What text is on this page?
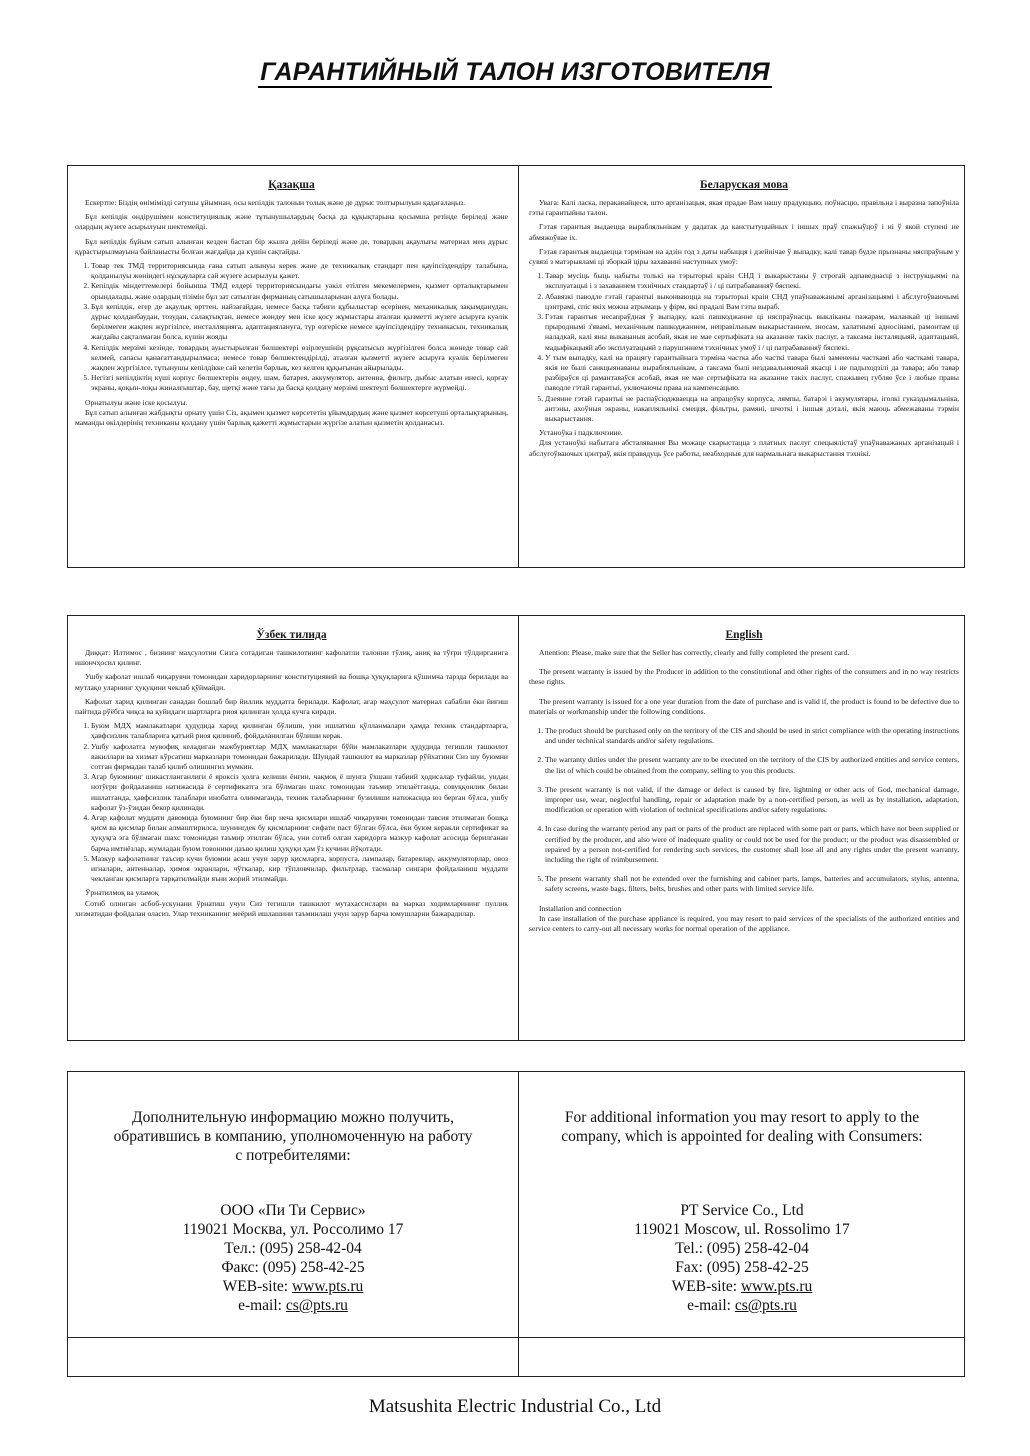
ГАРАНТИЙНЫЙ ТАЛОН ИЗГОТОВИТЕЛЯ
Қазақша

Ескертпе: Біздің өнімімізді сатушы ұйымнан, осы кепілдік талонын толық және де дұрыс толтырылуын қадағалаңыз.

Бұл кепілдік өндірушімен конституциялық және тұтынушылардың басқа да құқықтарына қосымша ретінде беріледі және олардың жүзеге асырылуын шектемейді.

Бұл кепілдік бұйым сатып алынған кезден бастап бір жылға дейін беріледі және де, товардың ақаулығы материал мен дұрыс құрастырылмауына байланысты болған жағдайда да күшін сақтайды.

1. Товар тек ТМД территориясында ғана сатып алынуы керек және де техникалық стандарт пен қауіпсіздендіру талабына, қолданылуы жөніндегі нұсқауларға сай жүзеге асырылуы қажет.
2. Кепілдік міндеттемелері бойынша ТМД елдері территориясындағы уәкіл етілген мекемелермен, қызмет орталықтарымен орындалады, және олардың тізімін бұл зат сатылған фирманың сатышыларынан алуға болады.
3. Бұл кепілдік, егер де ақаулық өрттен, найзағайдан, немесе басқа табиғи құбылыстар өсерінен, механикалық зақымданудан, дұрыс қолданбаудан, тозудан, салақтықтан, немесе жөндеу мен іске қосу жұмыстары аталған қызметті жүзеге асыруға куәлік берілмеген жақпен жүргізілсе, инсталляцияға, адаптациялануға, түр өзгеріске немесе қауіпсіздендіру техникасын, техникалық жағдайы сақталмаған болса, күшін жояды
4. Кепілдік мерзімі кезінде, товардың ауыстырылған бөлшектері өзірлеушінің рұқсатысыз жүргізілген болса жөнеде товар сай келмей, сапасы қанағаттандырылмаса; немесе товар бөлшектендірілді, аталған қызметті жүзеге асыруға куәлік берілмеген жақпен жүргізілсе, тұтынушы кепілдікке сай келетін барлық, кез келген құқығынан айырылады.
5. Негізгі кепілдіктің күші корпус бөлшектерін өңдеу, шам, батарея, аккумулятор, антенна, фильтр, дыбыс алатын инесі, қорғау экраны, қоқын-лоқы жиналғыштар, бау, щетқі және тағы да басқа қолдану мерзімі шектеулі бөлшектерге жүрмейді.

Орнатылуы және іске қосылуы.

Бұл сатып алынған жабдықты орнату үшін Сіз, ақымен қызмет көрсететін ұйымдардың және қызмет көрсетуші орталықтарының, маманды өкілдерінің техниканы қолдану үшін барлық қажетті жұмыстарын жүргізе алатын қызметін қолданасыз.

Беларуская мова

Увага: Калі ласка, пераканайцеся, што арганізацыя, якая прадае Вам нашу прадукцыю, поўнасцю, правільна і выразна запоўніла гэты гарантыйны талон.

Гэтая гарантыя выдаецца вырабляльнікам у дадатак да канстытуцыйных і іншых праў спажыўцоў і ні ў якой ступені не абмяжоўвае іх.

Гэтая гарантыя выдаецца тэрмінам на адзін год з даты набыцця і дзейнічае ў выпадку, калі тавар будзе прызнаны няспраўным у сувязі з матэрыяламі ці зборкай ціры захаванні наступных умоў:

1. Тавар мусіць быць набыты толькі на тэрыторыі краін СНД і выкарыстаны ў строгай адпаведнасці з інструкцыямі па эксплуатацыі і з захаваннем тэхнічных стандартаў і / ці патрабаванняў бяспекі.
2. Абавязкі паводле гэтай гарантыі выконваюцца на тэрыторыі краін СНД упаўнаважанымі арганізацыямі і абслугоўваючымі цэнтрамі, спіс якіх можна атрымаць у фірм, які прадалі Вам гэты выраб.
3. Гэтая гарантыя несапраўдная ў выпадку, калі пашкоджанне ці няспраўнасць выкліканы пажарам, маланкай ці іншымі прыроднымі з'явамі, механічным пашкоджаннем, неправільным выкарыстаннем, зносам, халатнымі адносінамі, рамонтам ці наладкай, калі яны выкананыя асобай, якая не мае сертыфіката на аказанне такіх паслуг, а таксама інсталяцыяй, адаптацыяй, мадыфікацыяй або эксплуатацыяй з парушэннем тэхнічных умоў і / ці патрабаванняў бяспекі.
4. У тым выпадку, калі на працягу гарантыйнага тэрміна частка або часткі тавара былі заменены часткамі або часткамі тавара, якія не былі санкцыянаваны вырабляльнікам, а таксама былі нездавальняючай якасці і не падыходзілі да тавара; або тавар разбіраўся ці рамантаваўся асобай, якая не мае сертыфіката на аказанне такіх паслуг, спажывец губляе ўсе і любые правы паводле гэтай гарантыі, уключаючы права на кампенсацыю.
5. Дзеянне гэтай гарантыі не распаўсюджваецца на апрацоўку корпуса, лямпы, батарэі і акумулятары, іголкі гуказдымальніка, антэны, ахоўныя экраны, накапляльнікі смецця, фільтры, рамяні, шчоткі і іншыя дэталі, якія маюць абмежаваны тэрмін выкарыстання.

Устаноўка і падключэнне.

Для устаноўкі набытага абсталявання Вы можаце скарыстацца з платных паслуг спецыялістаў упаўнаважаных арганізацый і абслугоўваючых цэнтраў, якія правядуць ўсе работы, неабходныя для нармальнага выкарыстання тэхнікі.

Ўзбек тилида

Диққат: Илтимос , бизнинг маҳсулотни Сизга сотадиган ташкилотнинг кафолатли талонни тўлиқ, аниқ ва тўғри тўлдирганига ишончҳосил қилинг.

Ушбу кафолат ишлаб чиқарувчи томонидан харидорларнинг конституциявий ва бошқа ҳуқуқларига қўшимча тарзда берилади ва мутлақо уларнинг ҳуқуқини чеклаб қўймайди.

Кафолат харид қилинган санадан бошлаб бир йиллик муддатга берилади. Кафолат, агар маҳсулот материал сабабли ёки йиғиш пайтида рўёбга чиқса ва қуйидаги шартларга риоя қилинган ҳолда кучга киради.

1. Буюм МДҲ мамлакатлари ҳудудида харид қилинган бўлиши, уни ишлатиш қўлланмалари ҳамда техник стандартларга, ҳавфсизлик талабларига қатъий риоя қилиниб, фойдаланилган бўлиши керак.
2. Ушбу кафолатга мувофиқ келадиган мажбуриятлар МДҲ мамлакатлари бўйи мамлакатлари ҳудудида тегишли ташкилот вакиллари ва хизмат кўрсатиш марказлари томонидан бажарилади. Шундай ташкилот ва марказлар рўйхатини Сиз шу буюмни сотган фирмадан талаб қилиб олишингиз мумкин.
3. Агар буюмнинг шикастланганлиги ё ярокciз ҳолга келиши ёнғин, чақмоқ ё шунга ўхшаш табиий ҳодисалар туфайли, ундан нотўғри фойдаланиш натижасида ё сертификатга эга бўлмаган шахс томонидан таъмир этилаётганда, совуққонлик билан ишлатганда, ҳавфсизлик талаблари инобатга олинмаганда, техник талабларнинг бузилиши натижасида юз берган бўлса, ушбу кафолат ўз-ўзидан бекор қилинади.
4. Агар кафолат муддати давомида буюмнинг бир ёки бир неча қисмлари ишлаб чиқарувчи томонидан тавсия этилмаган бошқа қисм ва қисмлар билан алмаштирилса, шунингдек бу қисмларнинг сифати паст бўлган бўлса, ёки буюм керакли сертификат ва ҳуқуқга эга бўлмаган шахс томонидан таъмир этилган бўлса, уни сотиб олган харидорга мазкур кафолат асосида берилганан барча имтиёзлар, жумладан буюм товонини даъво қилиш ҳуқуқи ҳам ўз кучини йўқотади.
5. Мазкур кафолатнинг таъсир кучи буюмни асаш учун зарур қисмларга, корпусга, лампалар, батареялар, аккумуляторлар, овоз игналари, антенналар, ҳимоя экранлари, чўткалар, кир тўпловчилар, фильтрлар, тасмалар сингари фойдаланиш муддати чекланган қисмларга тарқатилмайди яъни жорий этилмайди.

Ўрнатилмоқ ва уламоқ

Сотиб олинган асбоб-ускунани ўрнатиш учун Сиз тегишли ташкилот мутахассислари ва марказ ходимларининг пуллик хизматидан фойдалан оласиз. Улар техниканинг меёрий ишлашини таъминлаш учун зарур барча юмушларни бажарадилар.

English

Attention: Please, make sure that the Seller has correctly, clearly and fully completed the present card.

The present warranty is issued by the Producer in addition to the constitutional and other rights of the consumers and in no way restricts these rights.

The present warranty is issued for a one year duration from the date of purchase and is valid if, the product is found to be defective due to materials or workmanship under the following conditions.

1. The product should be purchased only on the territory of the CIS and should be used in strict compliance with the operating instructions and under technical standards and/or safety regulations.
2. The warranty duties under the present warranty are to be executed on the territory of the CIS by authorized entities and service centers, the list of which could be obtained from the company, selling to you this products.
3. The present warranty is not valid, if the damage or defect is caused by fire, lightning or other acts of God, mechanical damage, improper use, wear, neglectful handling, repair or adaptation made by a non-certified person, as well as by installation, adaptation, modification or operation with violation of technical specifications and/or safety regulations.
4. In case during the warranty period any part or parts of the product are replaced with some part or parts, which have not been supplied or certified by the producer, and also were of inadequate quality or could not be used for the product; or the product was disassembled or repaired by a person not-certified for rendering such services, the customer shall lose all and any rights under the present warranty, including the right of reimbursement.
5. The present warranty shall not be extended over the furnishing and cabinet parts, lamps, batteries and accumulators, stylus, antenna, safety screens, waste bags, filters, belts, brushes and other parts with limited service life.

Installation and connection

In case installation of the purchase appliance is required, you may resort to paid services of the specialists of the authorized entities and service centers to carry-out all necessary works for normal operation of the appliance.

Дополнительную информацию можно получить,
обратившись в компанию, уполномоченную на работу
с потребителями:
ООО «Пи Ти Сервис»
119021 Москва, ул. Россолимо 17
Тел.: (095) 258-42-04
Факс: (095) 258-42-25
WEB-site: www.pts.ru
e-mail: cs@pts.ru
For additional information you may resort to apply to the
company, which is appointed for dealing with Consumers:
PT Service Co., Ltd
119021 Moscow, ul. Rossolimo 17
Tel.: (095) 258-42-04
Fax: (095) 258-42-25
WEB-site: www.pts.ru
e-mail: cs@pts.ru
Matsushita Electric Industrial Co., Ltd
